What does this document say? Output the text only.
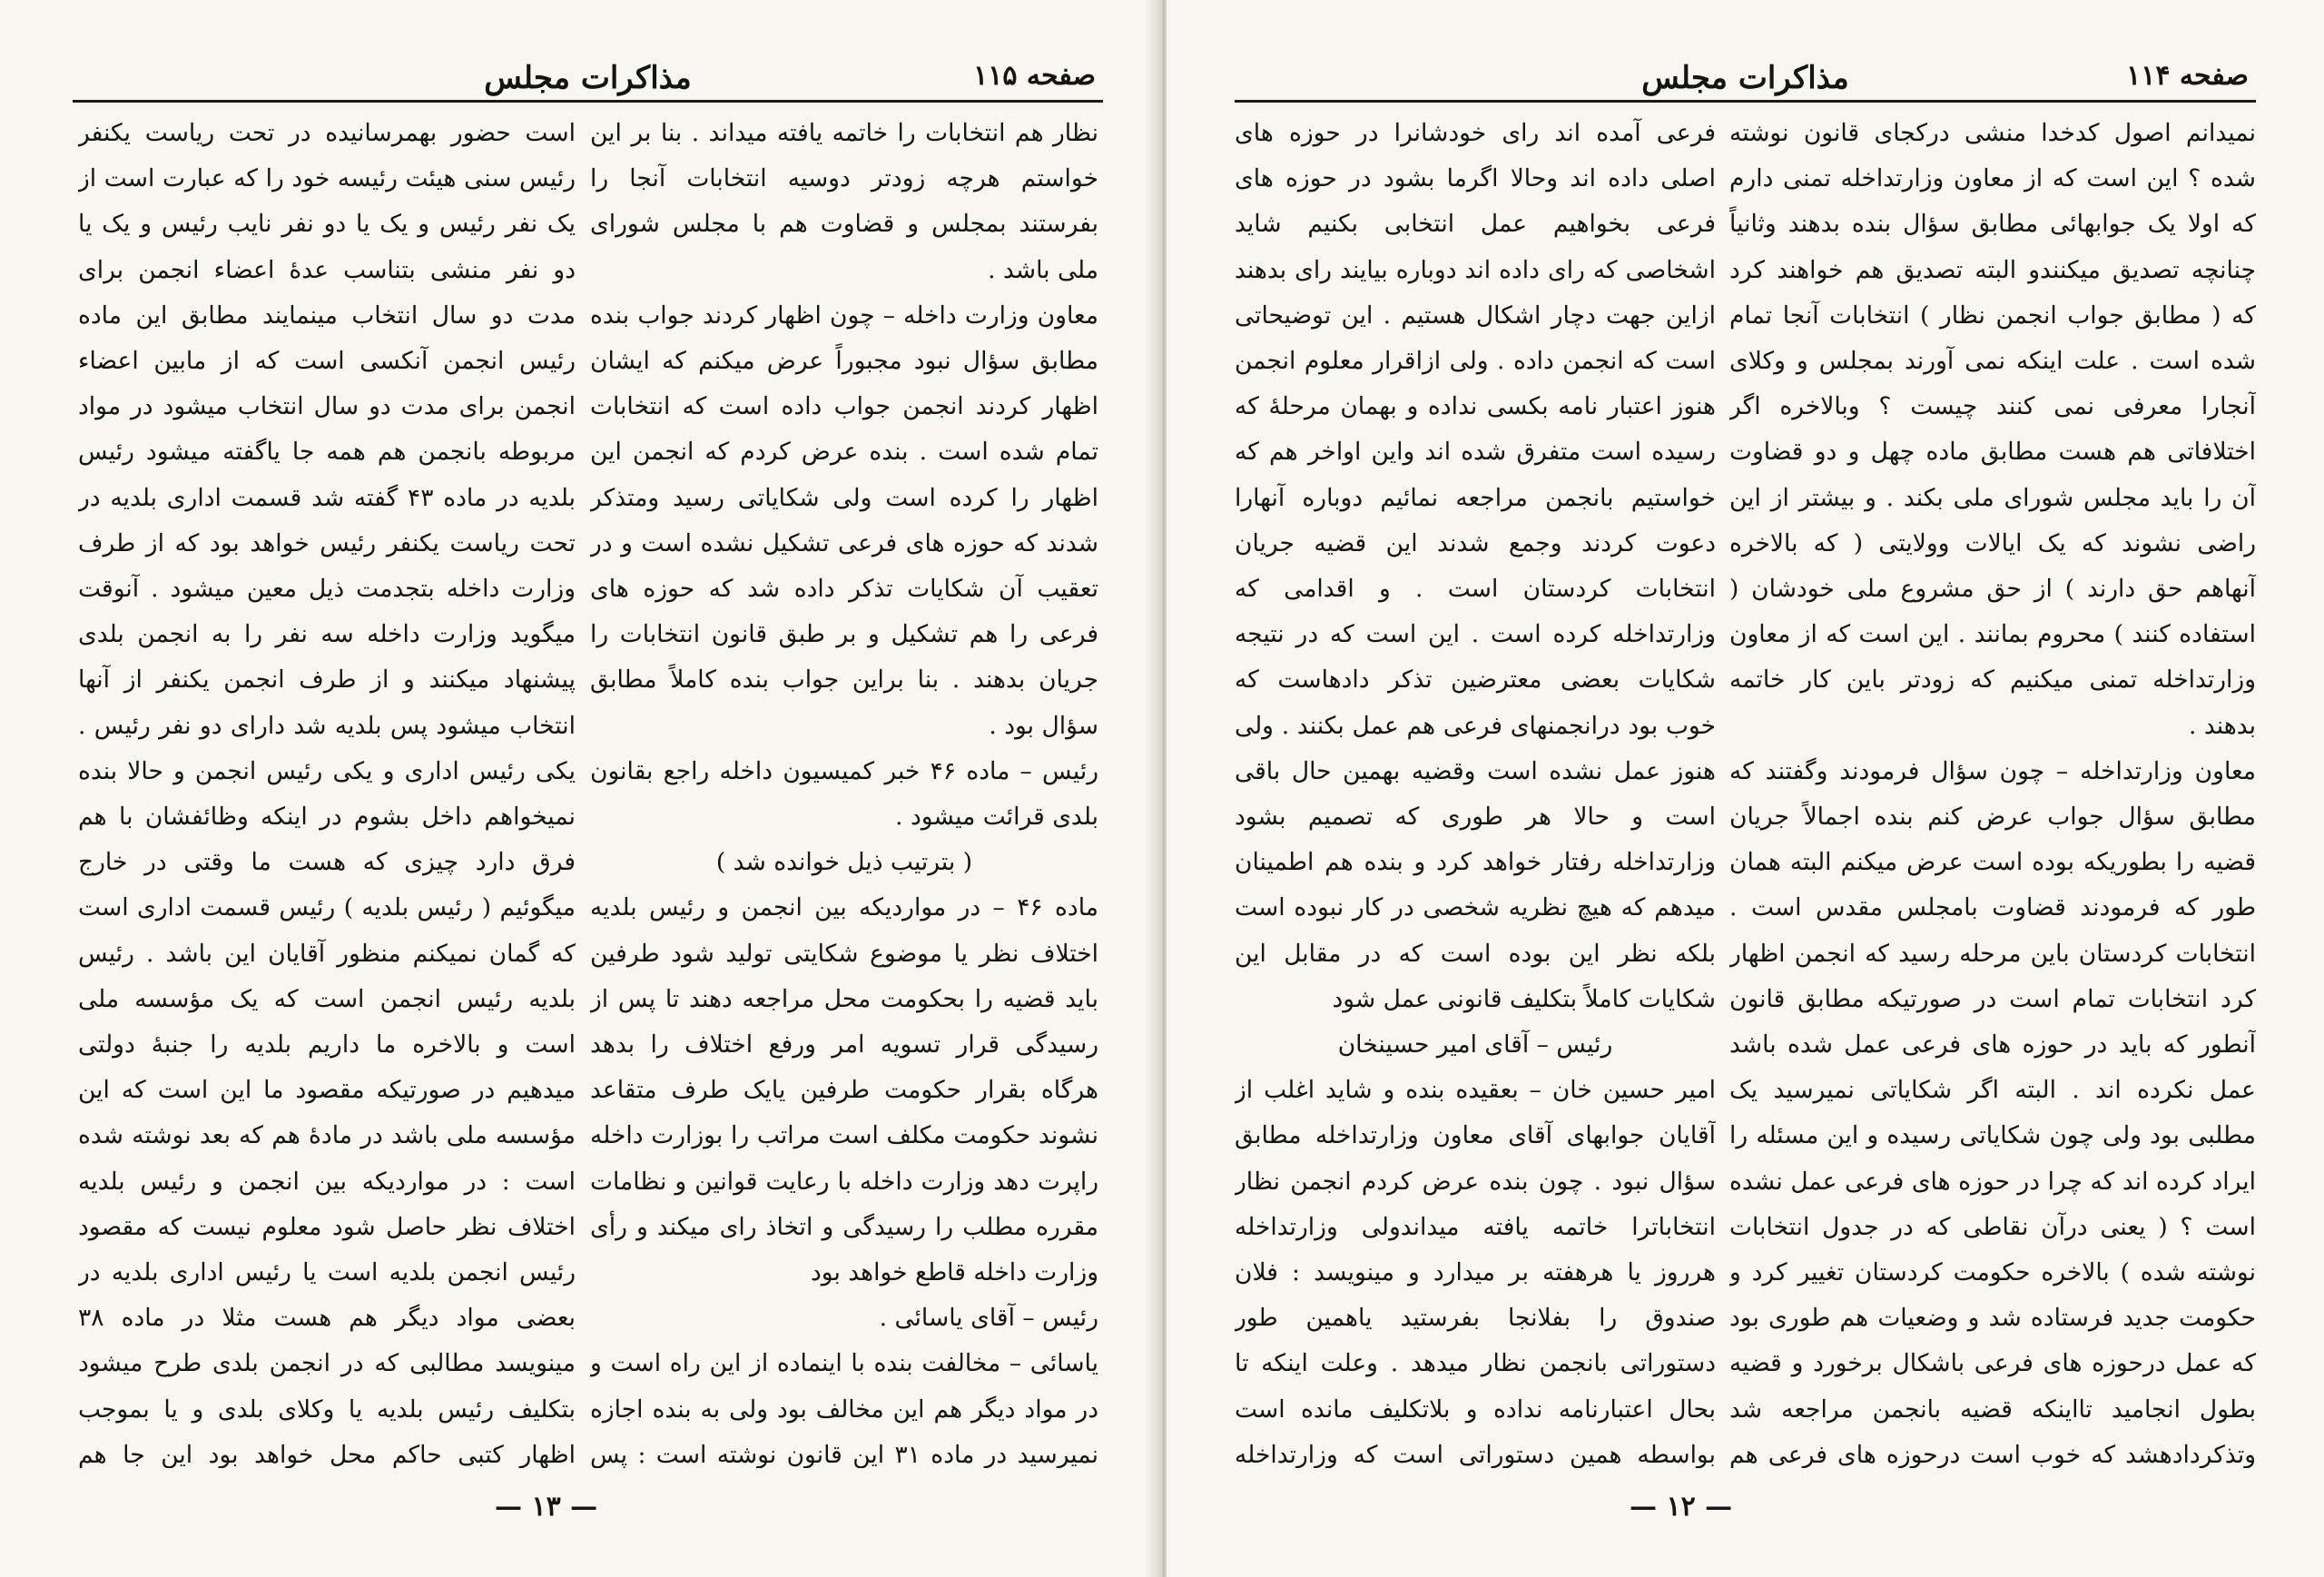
صفحه ۱۱۵
مذاکرات مجلس

نظار هم انتخابات را خاتمه یافته میداند . بنا بر این خواستم هرچه زودتر دوسیه انتخابات آنجا را بفرستند بمجلس و قضاوت هم با مجلس شورای ملی باشد .

معاون وزارت داخله – چون اظهار کردند جواب بنده مطابق سؤال نبود مجبوراً عرض میکنم که ایشان اظهار کردند انجمن جواب داده است که انتخابات تمام شده است . بنده عرض کردم که انجمن این اظهار را کرده است ولی شکایاتی رسید ومتذکر شدند که حوزه های فرعی تشکیل نشده است و در تعقیب آن شکایات تذکر داده شد که حوزه های فرعی را هم تشکیل و بر طبق قانون انتخابات را جریان بدهند . بنا براین جواب بنده کاملاً مطابق سؤال بود .

رئیس – ماده ۴۶ خبر کمیسیون داخله راجع بقانون بلدی قرائت میشود .

( بترتیب ذیل خوانده شد )

ماده ۴۶ – در مواردیکه بین انجمن و رئیس بلدیه اختلاف نظر یا موضوع شکایتی تولید شود طرفین باید قضیه را بحکومت محل مراجعه دهند تا پس از رسیدگی قرار تسویه امر ورفع اختلاف را بدهد هرگاه بقرار حکومت طرفین یایک طرف متقاعد نشوند حکومت مکلف است مراتب را بوزارت داخله راپرت دهد وزارت داخله با رعایت قوانین و نظامات مقرره مطلب را رسیدگی و اتخاذ رای میکند و رأی وزارت داخله قاطع خواهد بود

رئیس – آقای یاسائی .

یاسائی – مخالفت بنده با اینماده از این راه است و در مواد دیگر هم این مخالف بود ولی به بنده اجازه نمیرسید در ماده ۳۱ این قانون نوشته است : پس

است حضور بهمرسانیده در تحت ریاست یکنفر رئیس سنی هیئت رئیسه خود را که عبارت است از یک نفر رئیس و یک یا دو نفر نایب رئیس و یک یا دو نفر منشی بتناسب عدهٔ اعضاء انجمن برای مدت دو سال انتخاب مینمایند مطابق این ماده رئیس انجمن آنکسی است که از مابین اعضاء انجمن برای مدت دو سال انتخاب میشود در مواد مربوطه بانجمن هم همه جا یاگفته میشود رئیس بلدیه در ماده ۴۳ گفته شد قسمت اداری بلدیه در تحت ریاست یکنفر رئیس خواهد بود که از طرف وزارت داخله بتجدمت ذیل معین میشود . آنوقت میگوید وزارت داخله سه نفر را به انجمن بلدی پیشنهاد میکنند و از طرف انجمن یکنفر از آنها انتخاب میشود پس بلدیه شد دارای دو نفر رئیس . یکی رئیس اداری و یکی رئیس انجمن و حالا بنده نمیخواهم داخل بشوم در اینکه وظائفشان با هم فرق دارد چیزی که هست ما وقتی در خارج میگوئیم ( رئیس بلدیه ) رئیس قسمت اداری است که گمان نمیکنم منظور آقایان این باشد . رئیس بلدیه رئیس انجمن است که یک مؤسسه ملی است و بالاخره ما داریم بلدیه را جنبهٔ دولتی میدهیم در صورتیکه مقصود ما این است که این مؤسسه ملی باشد در مادهٔ هم که بعد نوشته شده است : در مواردیکه بین انجمن و رئیس بلدیه اختلاف نظر حاصل شود معلوم نیست که مقصود رئیس انجمن بلدیه است یا رئیس اداری بلدیه در بعضی مواد دیگر هم هست مثلا در ماده ۳۸ مینویسد مطالبی که در انجمن بلدی طرح میشود بتکلیف رئیس بلدیه یا وکلای بلدی و یا بموجب اظهار کتبی حاکم محل خواهد بود این جا هم

— ۱۳ —
صفحه ۱۱۴
مذاکرات مجلس

نمیدانم اصول کدخدا منشی درکجای قانون نوشته شده ؟ این است که از معاون وزارتداخله تمنی دارم که اولا یک جوابهائی مطابق سؤال بنده بدهند وثانیاً چنانچه تصدیق میکنندو البته تصدیق هم خواهند کرد که ( مطابق جواب انجمن نظار ) انتخابات آنجا تمام شده است . علت اینکه نمی آورند بمجلس و وکلای آنجارا معرفی نمی کنند چیست ؟ وبالاخره اگر اختلافاتی هم هست مطابق ماده چهل و دو قضاوت آن را باید مجلس شورای ملی بکند . و بیشتر از این راضی نشوند که یک ایالات وولایتی ( که بالاخره آنهاهم حق دارند ) از حق مشروع ملی خودشان ( استفاده کنند ) محروم بمانند . این است که از معاون وزارتداخله تمنی میکنیم که زودتر باین کار خاتمه بدهند .

معاون وزارتداخله – چون سؤال فرمودند وگفتند که مطابق سؤال جواب عرض کنم بنده اجمالاً جریان قضیه را بطوریکه بوده است عرض میکنم البته همان طور که فرمودند قضاوت بامجلس مقدس است . انتخابات کردستان باین مرحله رسید که انجمن اظهار کرد انتخابات تمام است در صورتیکه مطابق قانون آنطور که باید در حوزه های فرعی عمل شده باشد عمل نکرده اند . البته اگر شکایاتی نمیرسید یک مطلبی بود ولی چون شکایاتی رسیده و این مسئله را ایراد کرده اند که چرا در حوزه های فرعی عمل نشده است ؟ ( یعنی درآن نقاطی که در جدول انتخابات نوشته شده ) بالاخره حکومت کردستان تغییر کرد و حکومت جدید فرستاده شد و وضعیات هم طوری بود که عمل درحوزه های فرعی باشکال برخورد و قضیه بطول انجامید تااینکه قضیه بانجمن مراجعه شد وتذکردادهشد که خوب است درحوزه های فرعی هم

فرعی آمده اند رای خودشانرا در حوزه های اصلی داده اند وحالا اگرما بشود در حوزه های فرعی بخواهیم عمل انتخابی بکنیم شاید اشخاصی که رای داده اند دوباره بیایند رای بدهند ازاین جهت دچار اشکال هستیم . این توضیحاتی است که انجمن داده . ولی ازاقرار معلوم انجمن هنوز اعتبار نامه بکسی نداده و بهمان مرحلهٔ که رسیده است متفرق شده اند واین اواخر هم که خواستیم بانجمن مراجعه نمائیم دوباره آنهارا دعوت کردند وجمع شدند این قضیه جریان انتخابات کردستان است . و اقدامی که وزارتداخله کرده است . این است که در نتیجه شکایات بعضی معترضین تذکر دادهاست که خوب بود درانجمنهای فرعی هم عمل بکنند . ولی هنوز عمل نشده است وقضیه بهمین حال باقی است و حالا هر طوری که تصمیم بشود وزارتداخله رفتار خواهد کرد و بنده هم اطمینان میدهم که هیچ نظریه شخصی در کار نبوده است بلکه نظر این بوده است که در مقابل این شکایات کاملاً بتکلیف قانونی عمل شود

رئیس – آقای امیر حسینخان

امیر حسین خان – بعقیده بنده و شاید اغلب از آقایان جوابهای آقای معاون وزارتداخله مطابق سؤال نبود . چون بنده عرض کردم انجمن نظار انتخاباترا خاتمه یافته میداندولی وزارتداخله هرروز یا هرهفته بر میدارد و مینویسد : فلان صندوق را بفلانجا بفرستید یاهمین طور دستوراتی بانجمن نظار میدهد . وعلت اینکه تا بحال اعتبارنامه نداده و بلاتکلیف مانده است بواسطه همین دستوراتی است که وزارتداخله

— ۱۲ —
